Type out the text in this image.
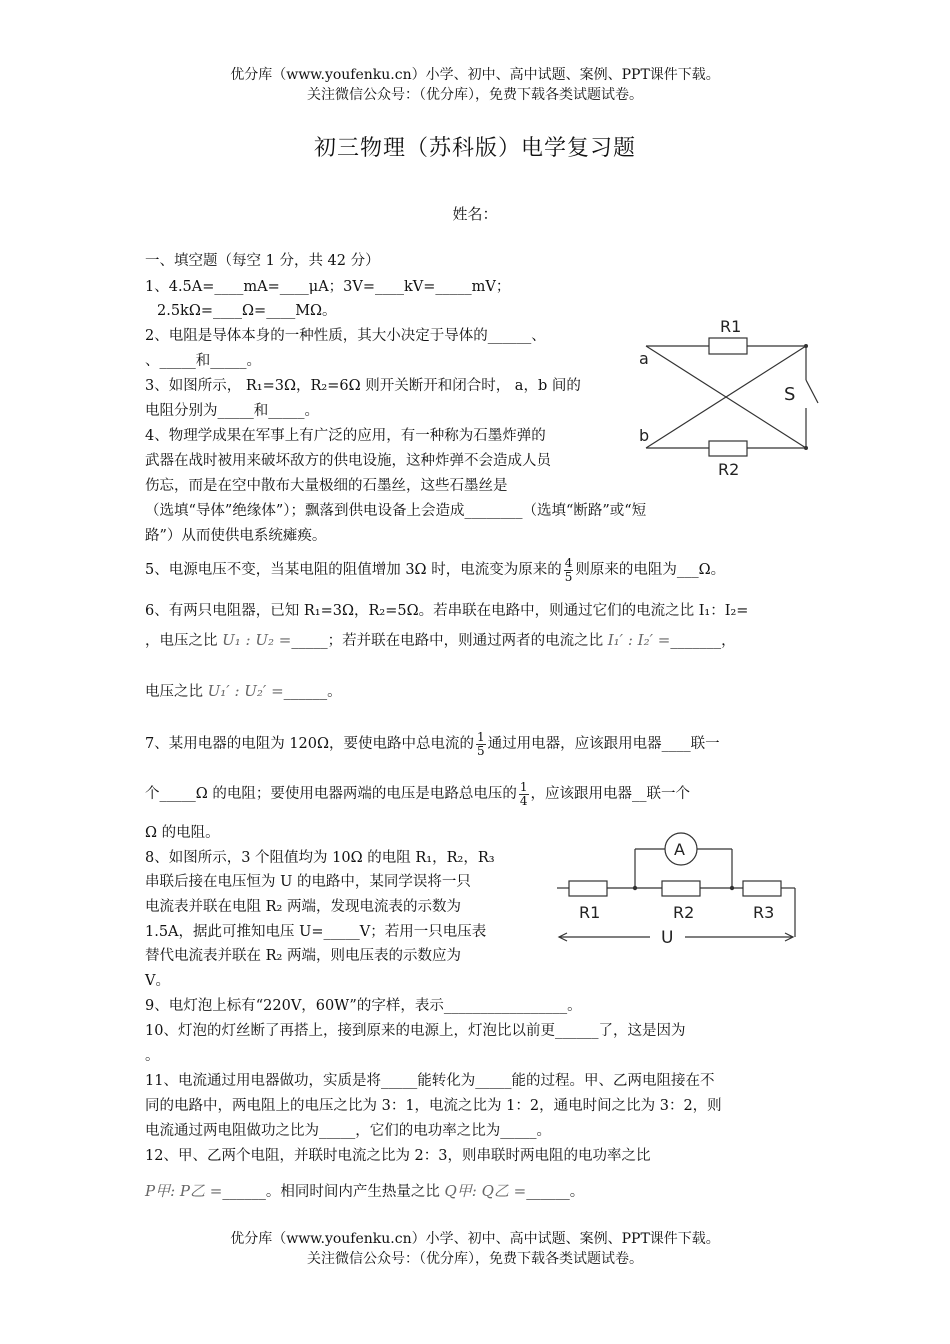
优分库（www.youfenku.cn）小学、初中、高中试题、案例、PPT课件下载。
关注微信公众号：（优分库），免费下载各类试题试卷。
初三物理（苏科版）电学复习题
姓名：
一、填空题（每空 1 分，共 42 分）
1、4.5A=____mA=____μA；3V=____kV=_____mV；
2.5kΩ=____Ω=____MΩ。
2、电阻是导体本身的一种性质，其大小决定于导体的______、
、_____和_____。
3、如图所示， R₁=3Ω，R₂=6Ω 则开关断开和闭合时， a，b 间的
电阻分别为_____和_____。
4、物理学成果在军事上有广泛的应用，有一种称为石墨炸弹的
武器在战时被用来破坏敌方的供电设施，这种炸弹不会造成人员
伤忘，而是在空中散布大量极细的石墨丝，这些石墨丝是
（选填“导体”绝缘体”）；飘落到供电设备上会造成________（选填“断路”或“短
路”）从而使供电系统瘫痪。
5、电源电压不变，当某电阻的阻值增加 3Ω 时，电流变为原来的 $\frac{4}{5}$ 则原来的电阻为___Ω。
6、有两只电阻器，已知 R₁=3Ω，R₂=5Ω。若串联在电路中，则通过它们的电流之比 I₁：I₂=
，电压之比 U₁ : U₂ =_____；若并联在电路中，则通过两者的电流之比 I₁′ : I₂′ =_______，
电压之比 U₁′ : U₂′ =______。
7、某用电器的电阻为 120Ω，要使电路中总电流的 $\frac{1}{5}$ 通过用电器，应该跟用电器____联一
个_____Ω 的电阻；要使用电器两端的电压是电路总电压的 $\frac{1}{4}$ ，应该跟用电器__联一个
Ω 的电阻。
8、如图所示，3 个阻值均为 10Ω 的电阻 R₁，R₂，R₃
串联后接在电压恒为 U 的电路中，某同学误将一只
电流表并联在电阻 R₂ 两端，发现电流表的示数为
1.5A，据此可推知电压 U=_____V；若用一只电压表
替代电流表并联在 R₂ 两端，则电压表的示数应为
V。
9、电灯泡上标有“220V，60W”的字样，表示_________________。
10、灯泡的灯丝断了再搭上，接到原来的电源上，灯泡比以前更______了，这是因为
。
11、电流通过用电器做功，实质是将_____能转化为_____能的过程。甲、乙两电阻接在不
同的电路中，两电阻上的电压之比为 3：1，电流之比为 1：2，通电时间之比为 3：2，则
电流通过两电阻做功之比为_____，它们的电功率之比为_____。
12、甲、乙两个电阻，并联时电流之比为 2：3，则串联时两电阻的电功率之比
P甲: P乙 =______。相同时间内产生热量之比 Q甲: Q乙 =______。
R1
R2
a
b
S
A
R1	R2	R3
U
优分库（www.youfenku.cn）小学、初中、高中试题、案例、PPT课件下载。
关注微信公众号：（优分库），免费下载各类试题试卷。
